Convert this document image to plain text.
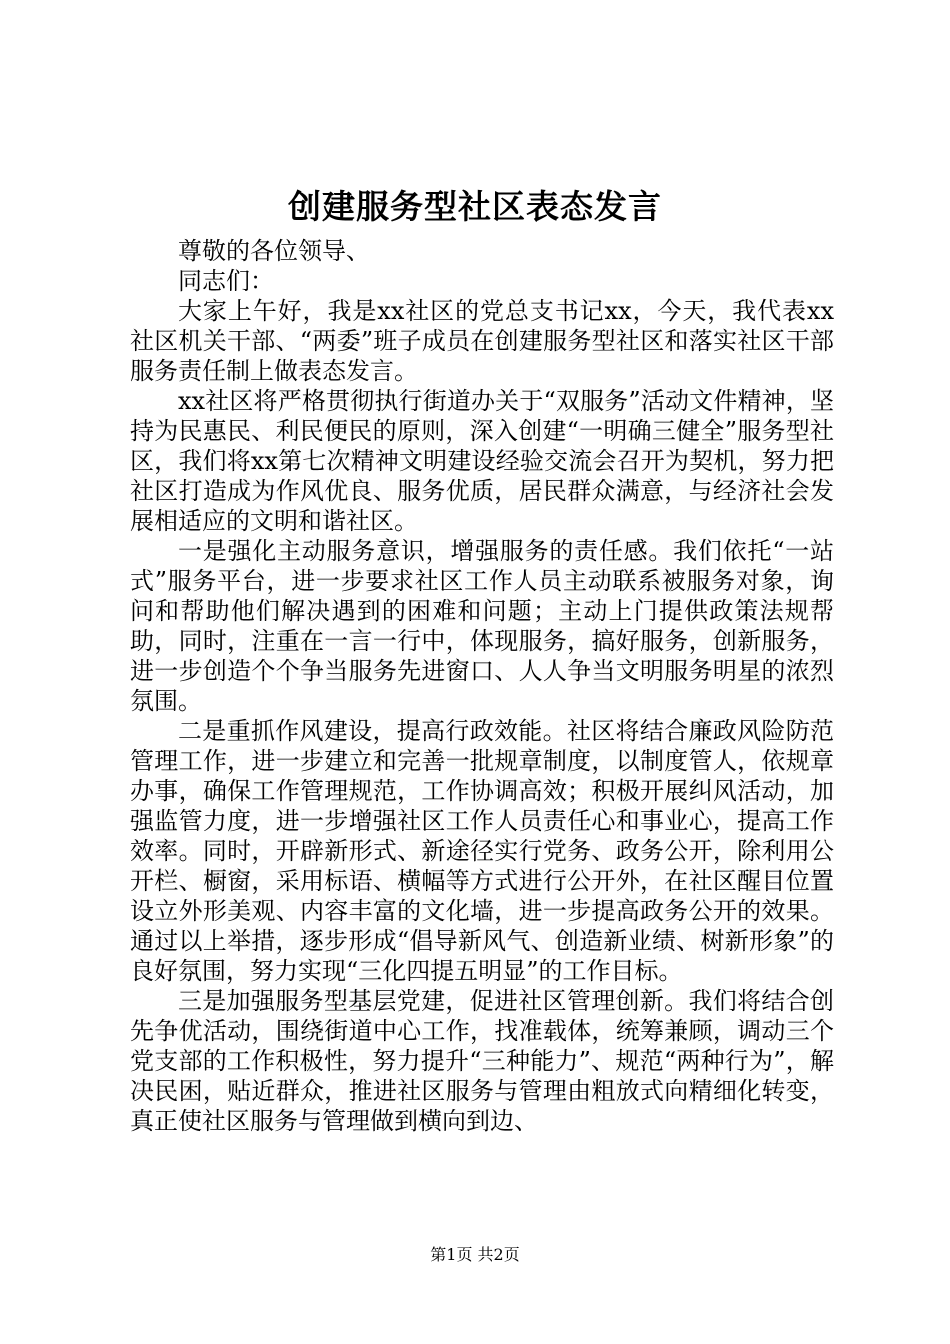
创建服务型社区表态发言

尊敬的各位领导、

同志们：

大家上午好，我是xx社区的党总支书记xx，今天，我代表xx社区机关干部、“两委”班子成员在创建服务型社区和落实社区干部服务责任制上做表态发言。

xx社区将严格贯彻执行街道办关于“双服务”活动文件精神，坚持为民惠民、利民便民的原则，深入创建“一明确三健全”服务型社区，我们将xx第七次精神文明建设经验交流会召开为契机，努力把社区打造成为作风优良、服务优质，居民群众满意，与经济社会发展相适应的文明和谐社区。

一是强化主动服务意识，增强服务的责任感。我们依托“一站式”服务平台，进一步要求社区工作人员主动联系被服务对象，询问和帮助他们解决遇到的困难和问题；主动上门提供政策法规帮助，同时，注重在一言一行中，体现服务，搞好服务，创新服务，进一步创造个个争当服务先进窗口、人人争当文明服务明星的浓烈氛围。

二是重抓作风建设，提高行政效能。社区将结合廉政风险防范管理工作，进一步建立和完善一批规章制度，以制度管人，依规章办事，确保工作管理规范，工作协调高效；积极开展纠风活动，加强监管力度，进一步增强社区工作人员责任心和事业心，提高工作效率。同时，开辟新形式、新途径实行党务、政务公开，除利用公开栏、橱窗，采用标语、横幅等方式进行公开外，在社区醒目位置设立外形美观、内容丰富的文化墙，进一步提高政务公开的效果。通过以上举措，逐步形成“倡导新风气、创造新业绩、树新形象”的良好氛围，努力实现“三化四提五明显”的工作目标。

三是加强服务型基层党建，促进社区管理创新。我们将结合创先争优活动，围绕街道中心工作，找准载体，统筹兼顾，调动三个党支部的工作积极性，努力提升“三种能力”、规范“两种行为”，解决民困，贴近群众，推进社区服务与管理由粗放式向精细化转变，真正使社区服务与管理做到横向到边、

第1页 共2页
